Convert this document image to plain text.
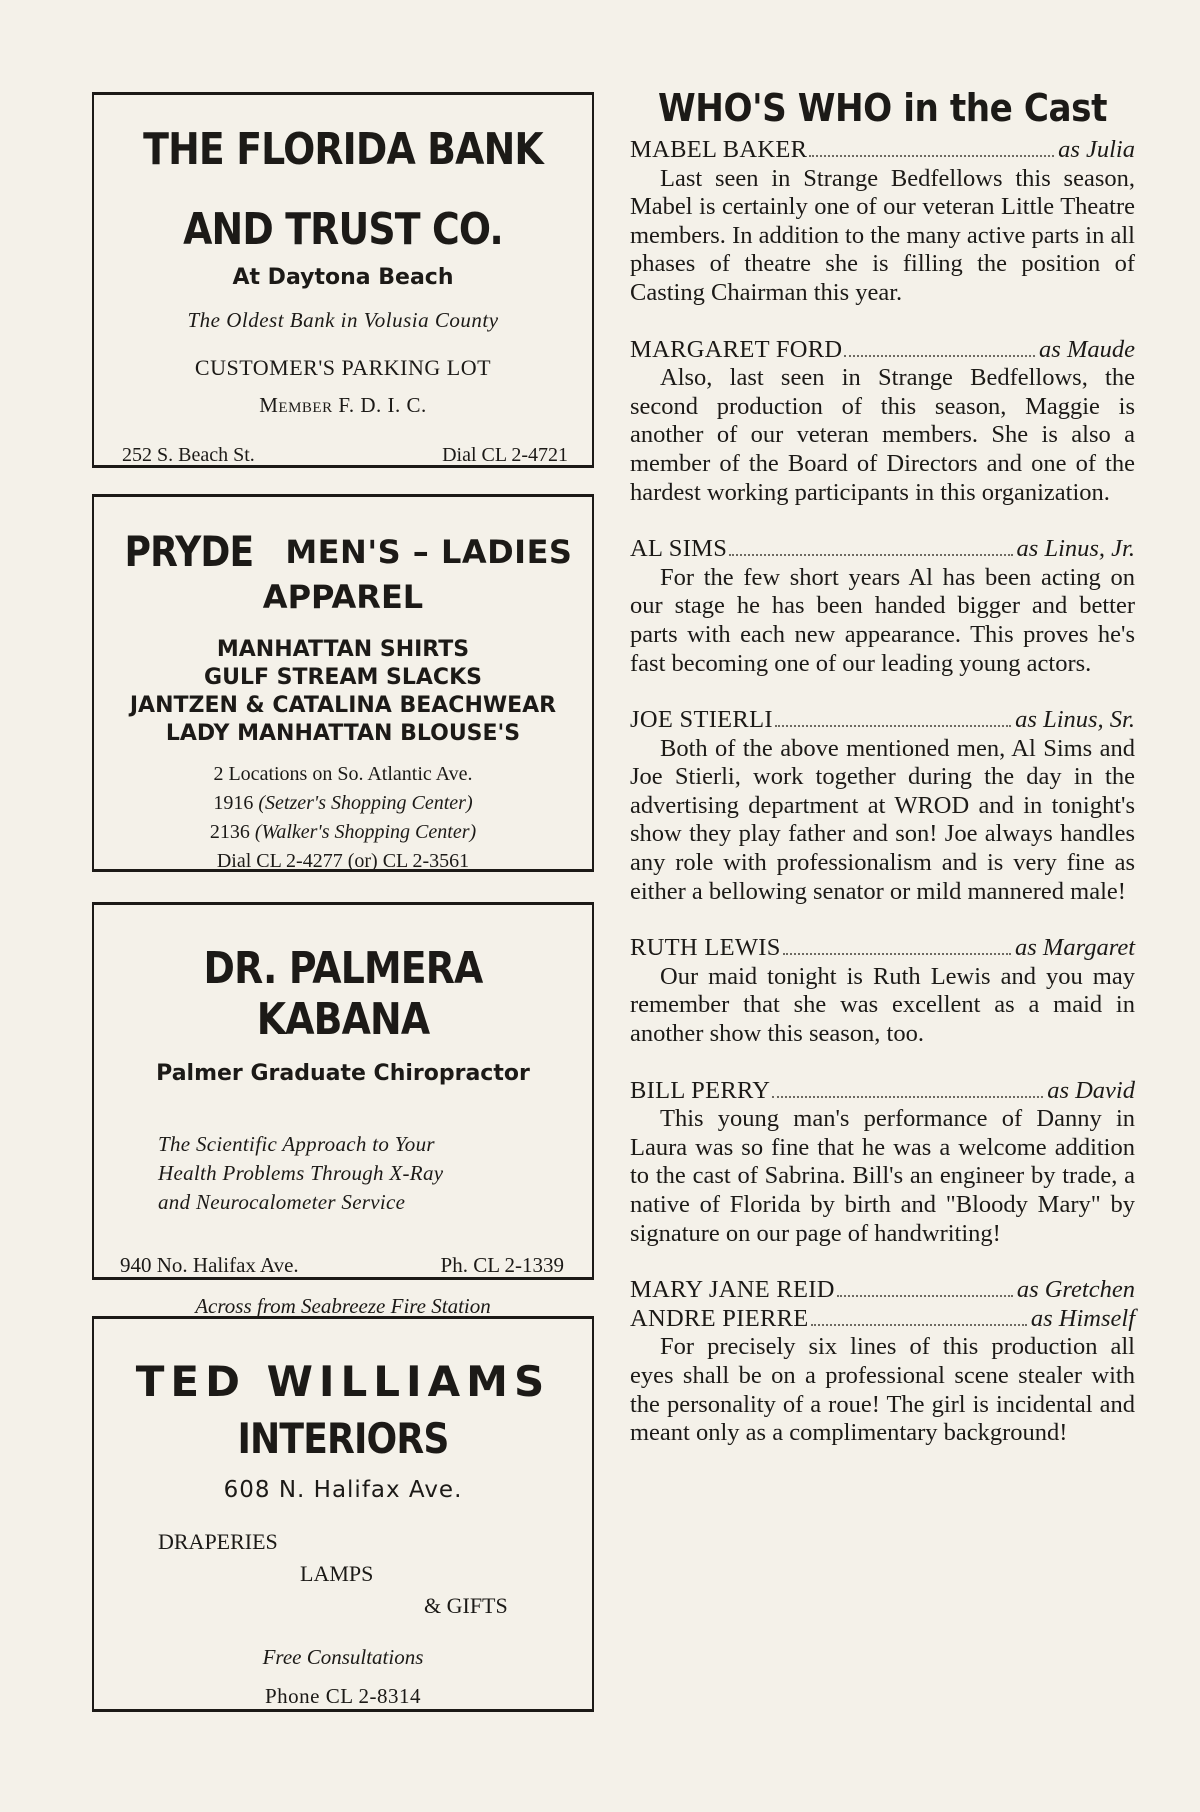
THE FLORIDA BANK
AND TRUST CO.
At Daytona Beach
The Oldest Bank in Volusia County
CUSTOMER'S PARKING LOT
Member F. D. I. C.
252 S. Beach St.	Dial CL 2-4721
PRYDE MEN'S – LADIES
APPAREL
MANHATTAN SHIRTS
GULF STREAM SLACKS
JANTZEN & CATALINA BEACHWEAR
LADY MANHATTAN BLOUSE'S
2 Locations on So. Atlantic Ave.
1916 (Setzer's Shopping Center)
2136 (Walker's Shopping Center)
Dial CL 2-4277 (or) CL 2-3561
DR. PALMERA KABANA
Palmer Graduate Chiropractor
The Scientific Approach to Your
Health Problems Through X-Ray
and Neurocalometer Service
940 No. Halifax Ave.	Ph. CL 2-1339
Across from Seabreeze Fire Station
TED WILLIAMS
INTERIORS
608 N. Halifax Ave.
DRAPERIES
LAMPS
& GIFTS
Free Consultations
Phone CL 2-8314
WHO'S WHO in the Cast
MABEL BAKER	as Julia
Last seen in Strange Bedfellows this season, Mabel is certainly one of our veteran Little Theatre members. In addition to the many active parts in all phases of theatre she is filling the position of Casting Chairman this year.
MARGARET FORD	as Maude
Also, last seen in Strange Bedfellows, the second production of this season, Maggie is another of our veteran members. She is also a member of the Board of Directors and one of the hardest working participants in this organization.
AL SIMS	as Linus, Jr.
For the few short years Al has been acting on our stage he has been handed bigger and better parts with each new appearance. This proves he's fast becoming one of our leading young actors.
JOE STIERLI	as Linus, Sr.
Both of the above mentioned men, Al Sims and Joe Stierli, work together during the day in the advertising department at WROD and in tonight's show they play father and son! Joe always handles any role with professionalism and is very fine as either a bellowing senator or mild mannered male!
RUTH LEWIS	as Margaret
Our maid tonight is Ruth Lewis and you may remember that she was excellent as a maid in another show this season, too.
BILL PERRY	as David
This young man's performance of Danny in Laura was so fine that he was a welcome addition to the cast of Sabrina. Bill's an engineer by trade, a native of Florida by birth and "Bloody Mary" by signature on our page of handwriting!
MARY JANE REID	as Gretchen
ANDRE PIERRE	as Himself
For precisely six lines of this production all eyes shall be on a professional scene stealer with the personality of a roue! The girl is incidental and meant only as a complimentary background!
